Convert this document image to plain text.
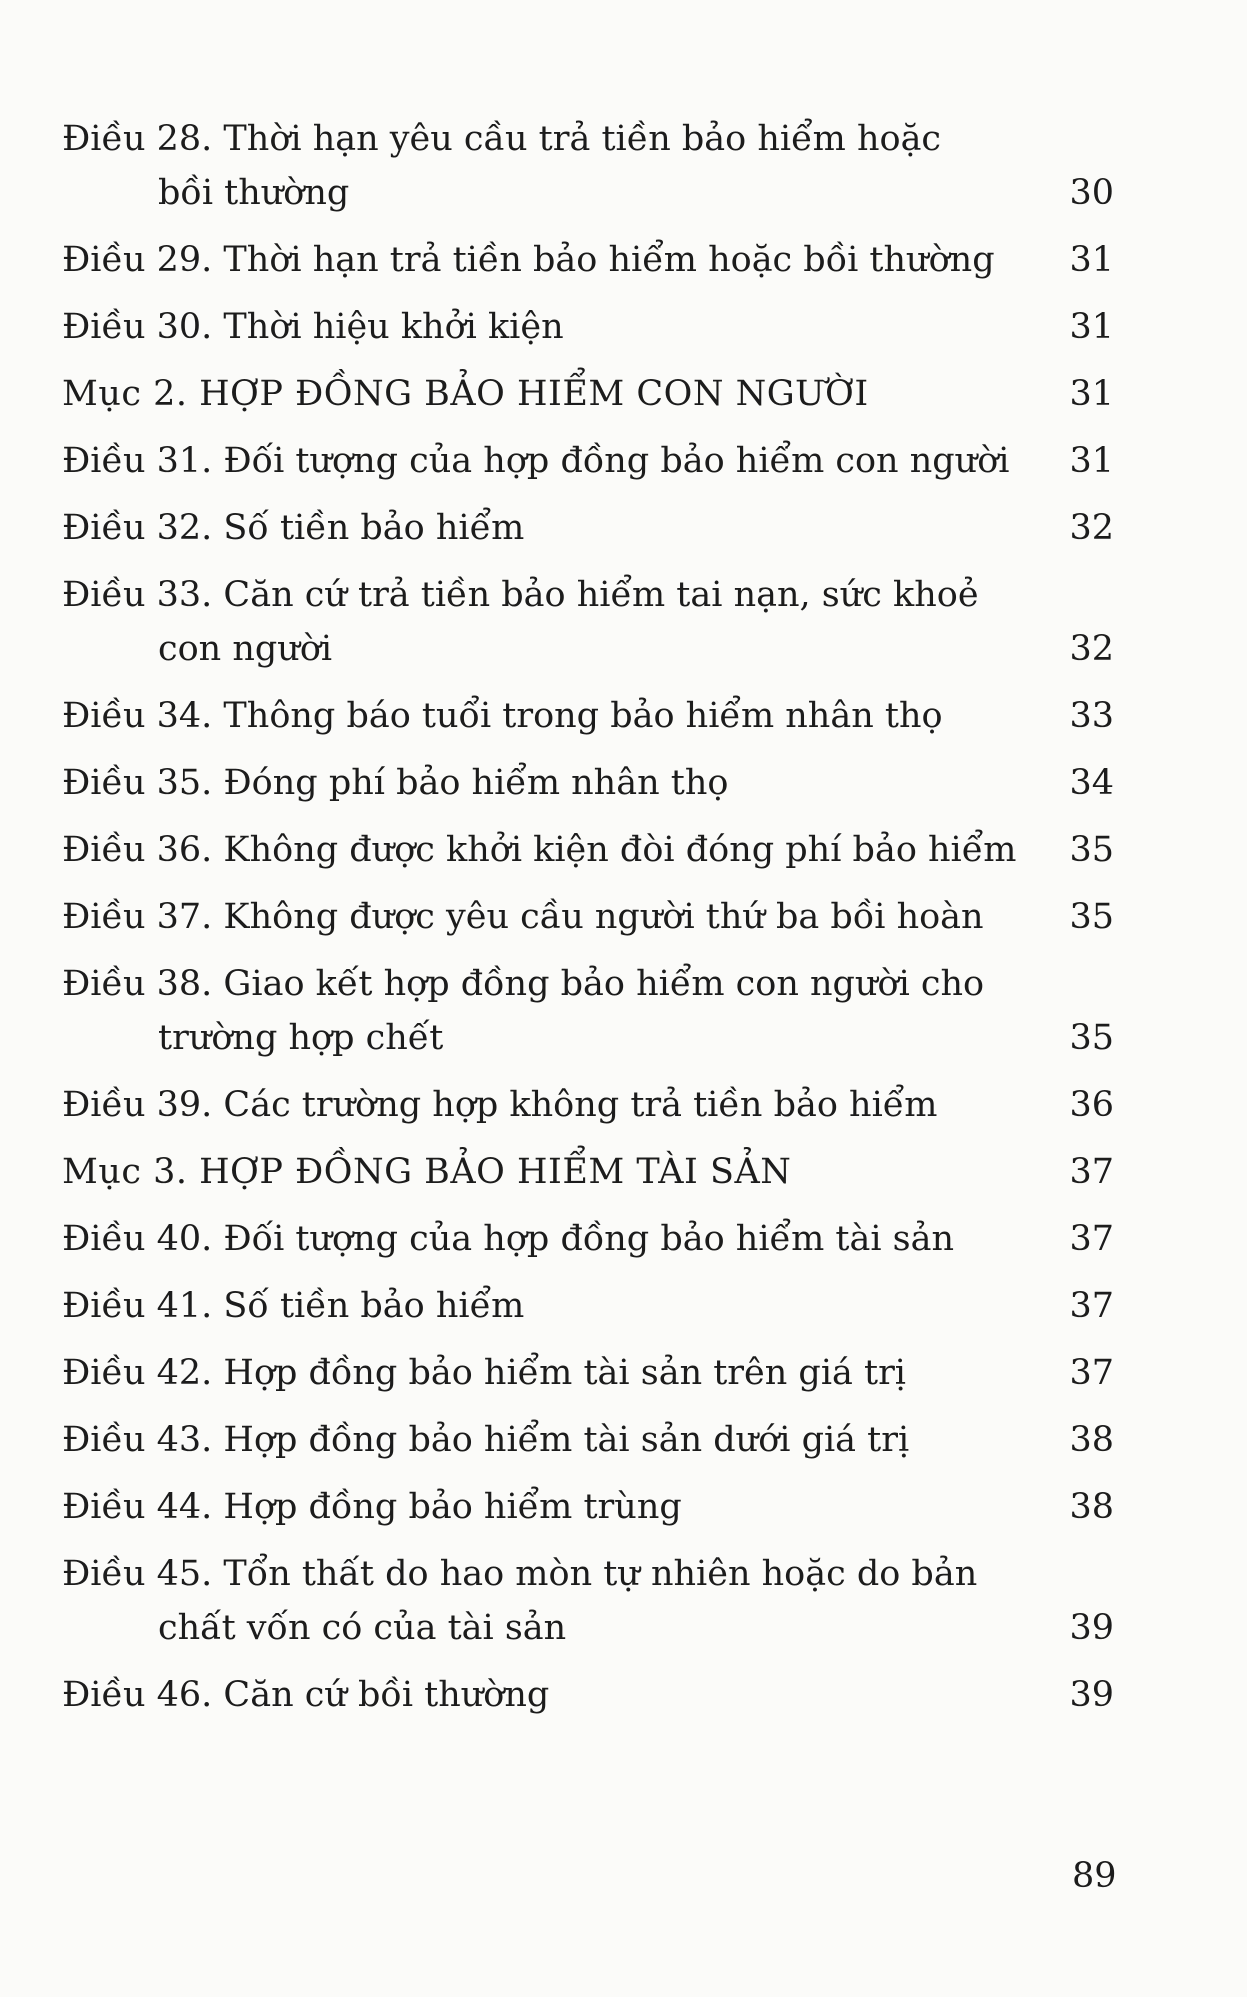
Điều 28. Thời hạn yêu cầu trả tiền bảo hiểm hoặc
bồi thường	30
Điều 29. Thời hạn trả tiền bảo hiểm hoặc bồi thường	31
Điều 30. Thời hiệu khởi kiện	31
Mục 2. HỢP ĐỒNG BẢO HIỂM CON NGƯỜI	31
Điều 31. Đối tượng của hợp đồng bảo hiểm con người	31
Điều 32. Số tiền bảo hiểm	32
Điều 33. Căn cứ trả tiền bảo hiểm tai nạn, sức khoẻ
con người	32
Điều 34. Thông báo tuổi trong bảo hiểm nhân thọ	33
Điều 35. Đóng phí bảo hiểm nhân thọ	34
Điều 36. Không được khởi kiện đòi đóng phí bảo hiểm	35
Điều 37. Không được yêu cầu người thứ ba bồi hoàn	35
Điều 38. Giao kết hợp đồng bảo hiểm con người cho
trường hợp chết	35
Điều 39. Các trường hợp không trả tiền bảo hiểm	36
Mục 3. HỢP ĐỒNG BẢO HIỂM TÀI SẢN	37
Điều 40. Đối tượng của hợp đồng bảo hiểm tài sản	37
Điều 41. Số tiền bảo hiểm	37
Điều 42. Hợp đồng bảo hiểm tài sản trên giá trị	37
Điều 43. Hợp đồng bảo hiểm tài sản dưới giá trị	38
Điều 44. Hợp đồng bảo hiểm trùng	38
Điều 45. Tổn thất do hao mòn tự nhiên hoặc do bản
chất vốn có của tài sản	39
Điều 46. Căn cứ bồi thường	39
89
